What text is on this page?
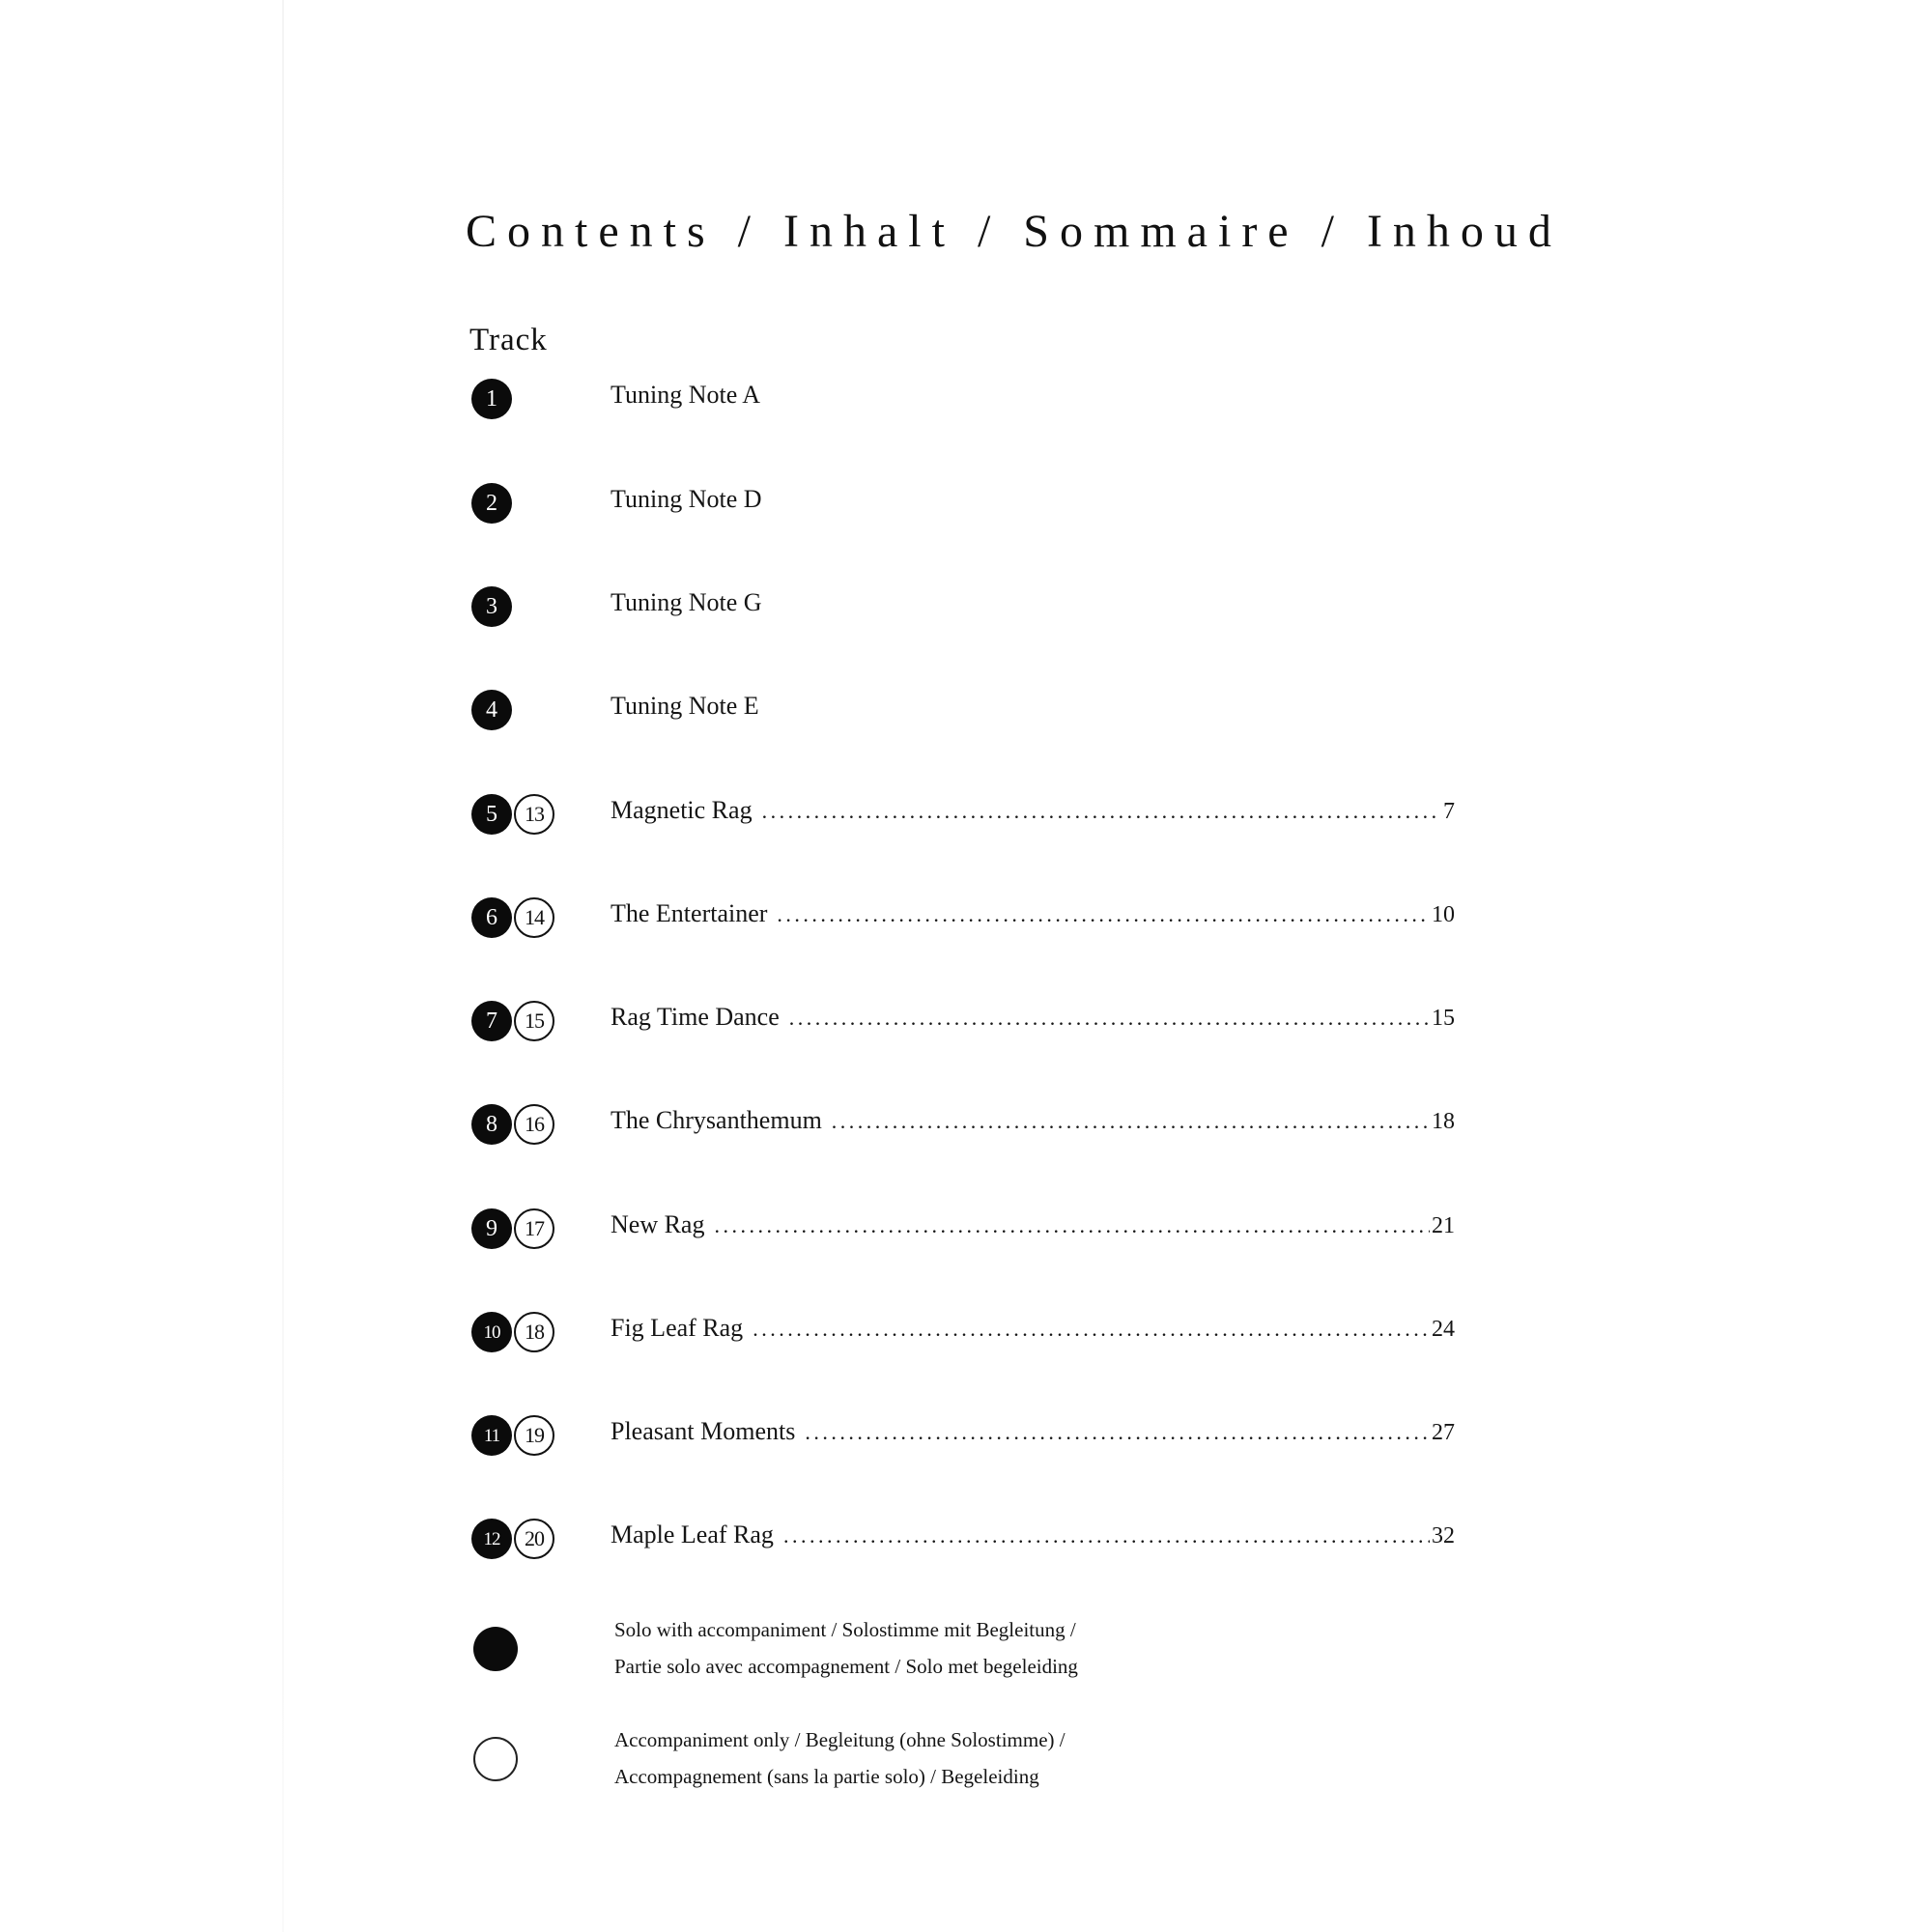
Contents / Inhalt / Sommaire / Inhoud
Track
1	Tuning Note A
2	Tuning Note D
3	Tuning Note G
4	Tuning Note E
5	13	Magnetic Rag . . .	7
6	14	The Entertainer . . .	10
7	15	Rag Time Dance . . .	15
8	16	The Chrysanthemum . . .	18
9	17	New Rag . . .	21
10	18	Fig Leaf Rag . . .	24
11	19	Pleasant Moments . . .	27
12	20	Maple Leaf Rag . . .	32
Solo with accompaniment / Solostimme mit Begleitung /
Partie solo avec accompagnement / Solo met begeleiding
Accompaniment only / Begleitung (ohne Solostimme) /
Accompagnement (sans la partie solo) / Begeleiding
